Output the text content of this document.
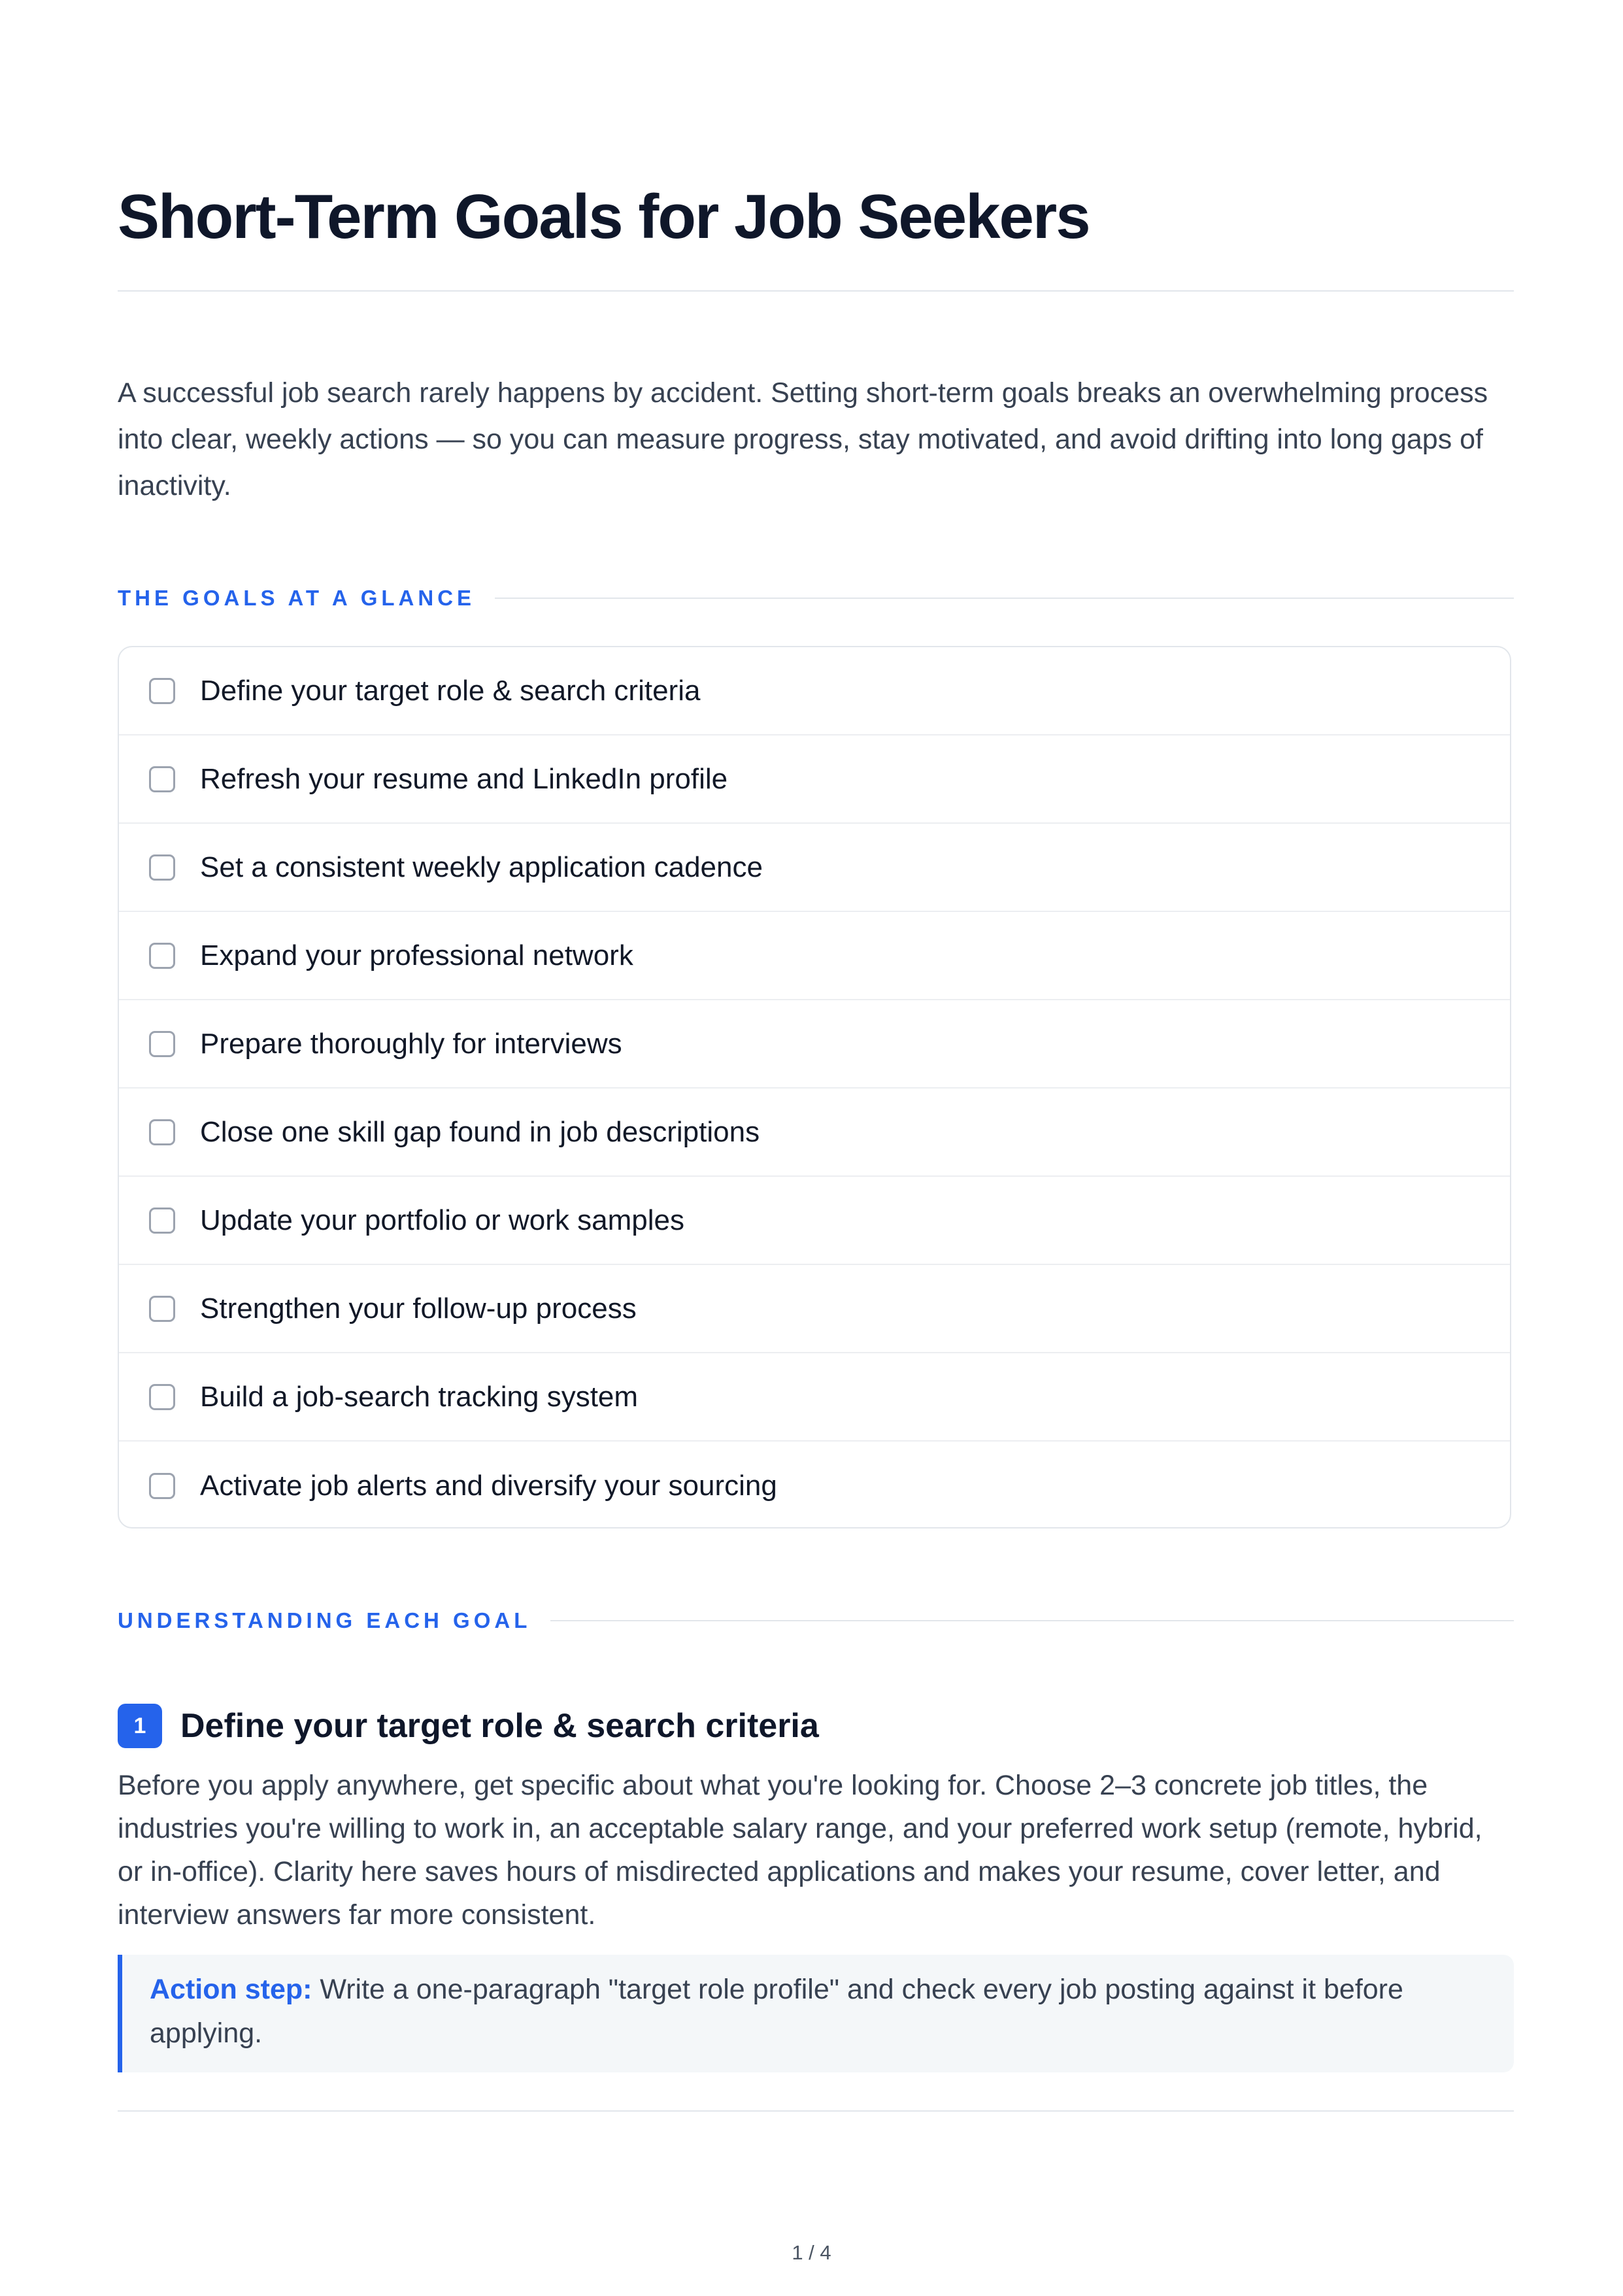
Short-Term Goals for Job Seekers

A successful job search rarely happens by accident. Setting short-term goals breaks an overwhelming process into clear, weekly actions — so you can measure progress, stay motivated, and avoid drifting into long gaps of inactivity.

THE GOALS AT A GLANCE
Define your target role & search criteria
Refresh your resume and LinkedIn profile
Set a consistent weekly application cadence
Expand your professional network
Prepare thoroughly for interviews
Close one skill gap found in job descriptions
Update your portfolio or work samples
Strengthen your follow-up process
Build a job-search tracking system
Activate job alerts and diversify your sourcing
UNDERSTANDING EACH GOAL
1	Define your target role & search criteria

Before you apply anywhere, get specific about what you're looking for. Choose 2–3 concrete job titles, the industries you're willing to work in, an acceptable salary range, and your preferred work setup (remote, hybrid, or in-office). Clarity here saves hours of misdirected applications and makes your resume, cover letter, and interview answers far more consistent.

Action step: Write a one-paragraph "target role profile" and check every job posting against it before applying.
1 / 4
